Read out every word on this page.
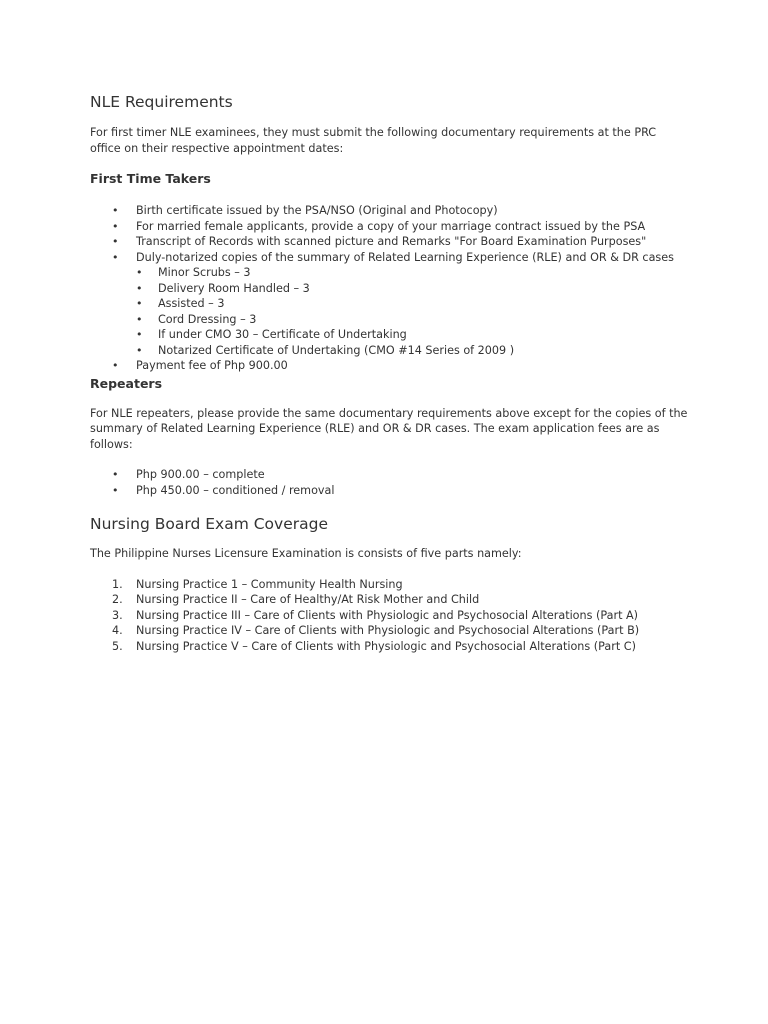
NLE Requirements

For first timer NLE examinees, they must submit the following documentary requirements at the PRC office on their respective appointment dates:

First Time Takers
• Birth certificate issued by the PSA/NSO (Original and Photocopy)
• For married female applicants, provide a copy of your marriage contract issued by the PSA
• Transcript of Records with scanned picture and Remarks "For Board Examination Purposes"
• Duly-notarized copies of the summary of Related Learning Experience (RLE) and OR & DR cases
• Minor Scrubs – 3
• Delivery Room Handled – 3
• Assisted – 3
• Cord Dressing – 3
• If under CMO 30 – Certificate of Undertaking
• Notarized Certificate of Undertaking (CMO #14 Series of 2009 )
• Payment fee of Php 900.00
Repeaters

For NLE repeaters, please provide the same documentary requirements above except for the copies of the summary of Related Learning Experience (RLE) and OR & DR cases. The exam application fees are as follows:

• Php 900.00 – complete
• Php 450.00 – conditioned / removal
Nursing Board Exam Coverage

The Philippine Nurses Licensure Examination is consists of five parts namely:

1. Nursing Practice 1 – Community Health Nursing
2. Nursing Practice II – Care of Healthy/At Risk Mother and Child
3. Nursing Practice III – Care of Clients with Physiologic and Psychosocial Alterations (Part A)
4. Nursing Practice IV – Care of Clients with Physiologic and Psychosocial Alterations (Part B)
5. Nursing Practice V – Care of Clients with Physiologic and Psychosocial Alterations (Part C)
